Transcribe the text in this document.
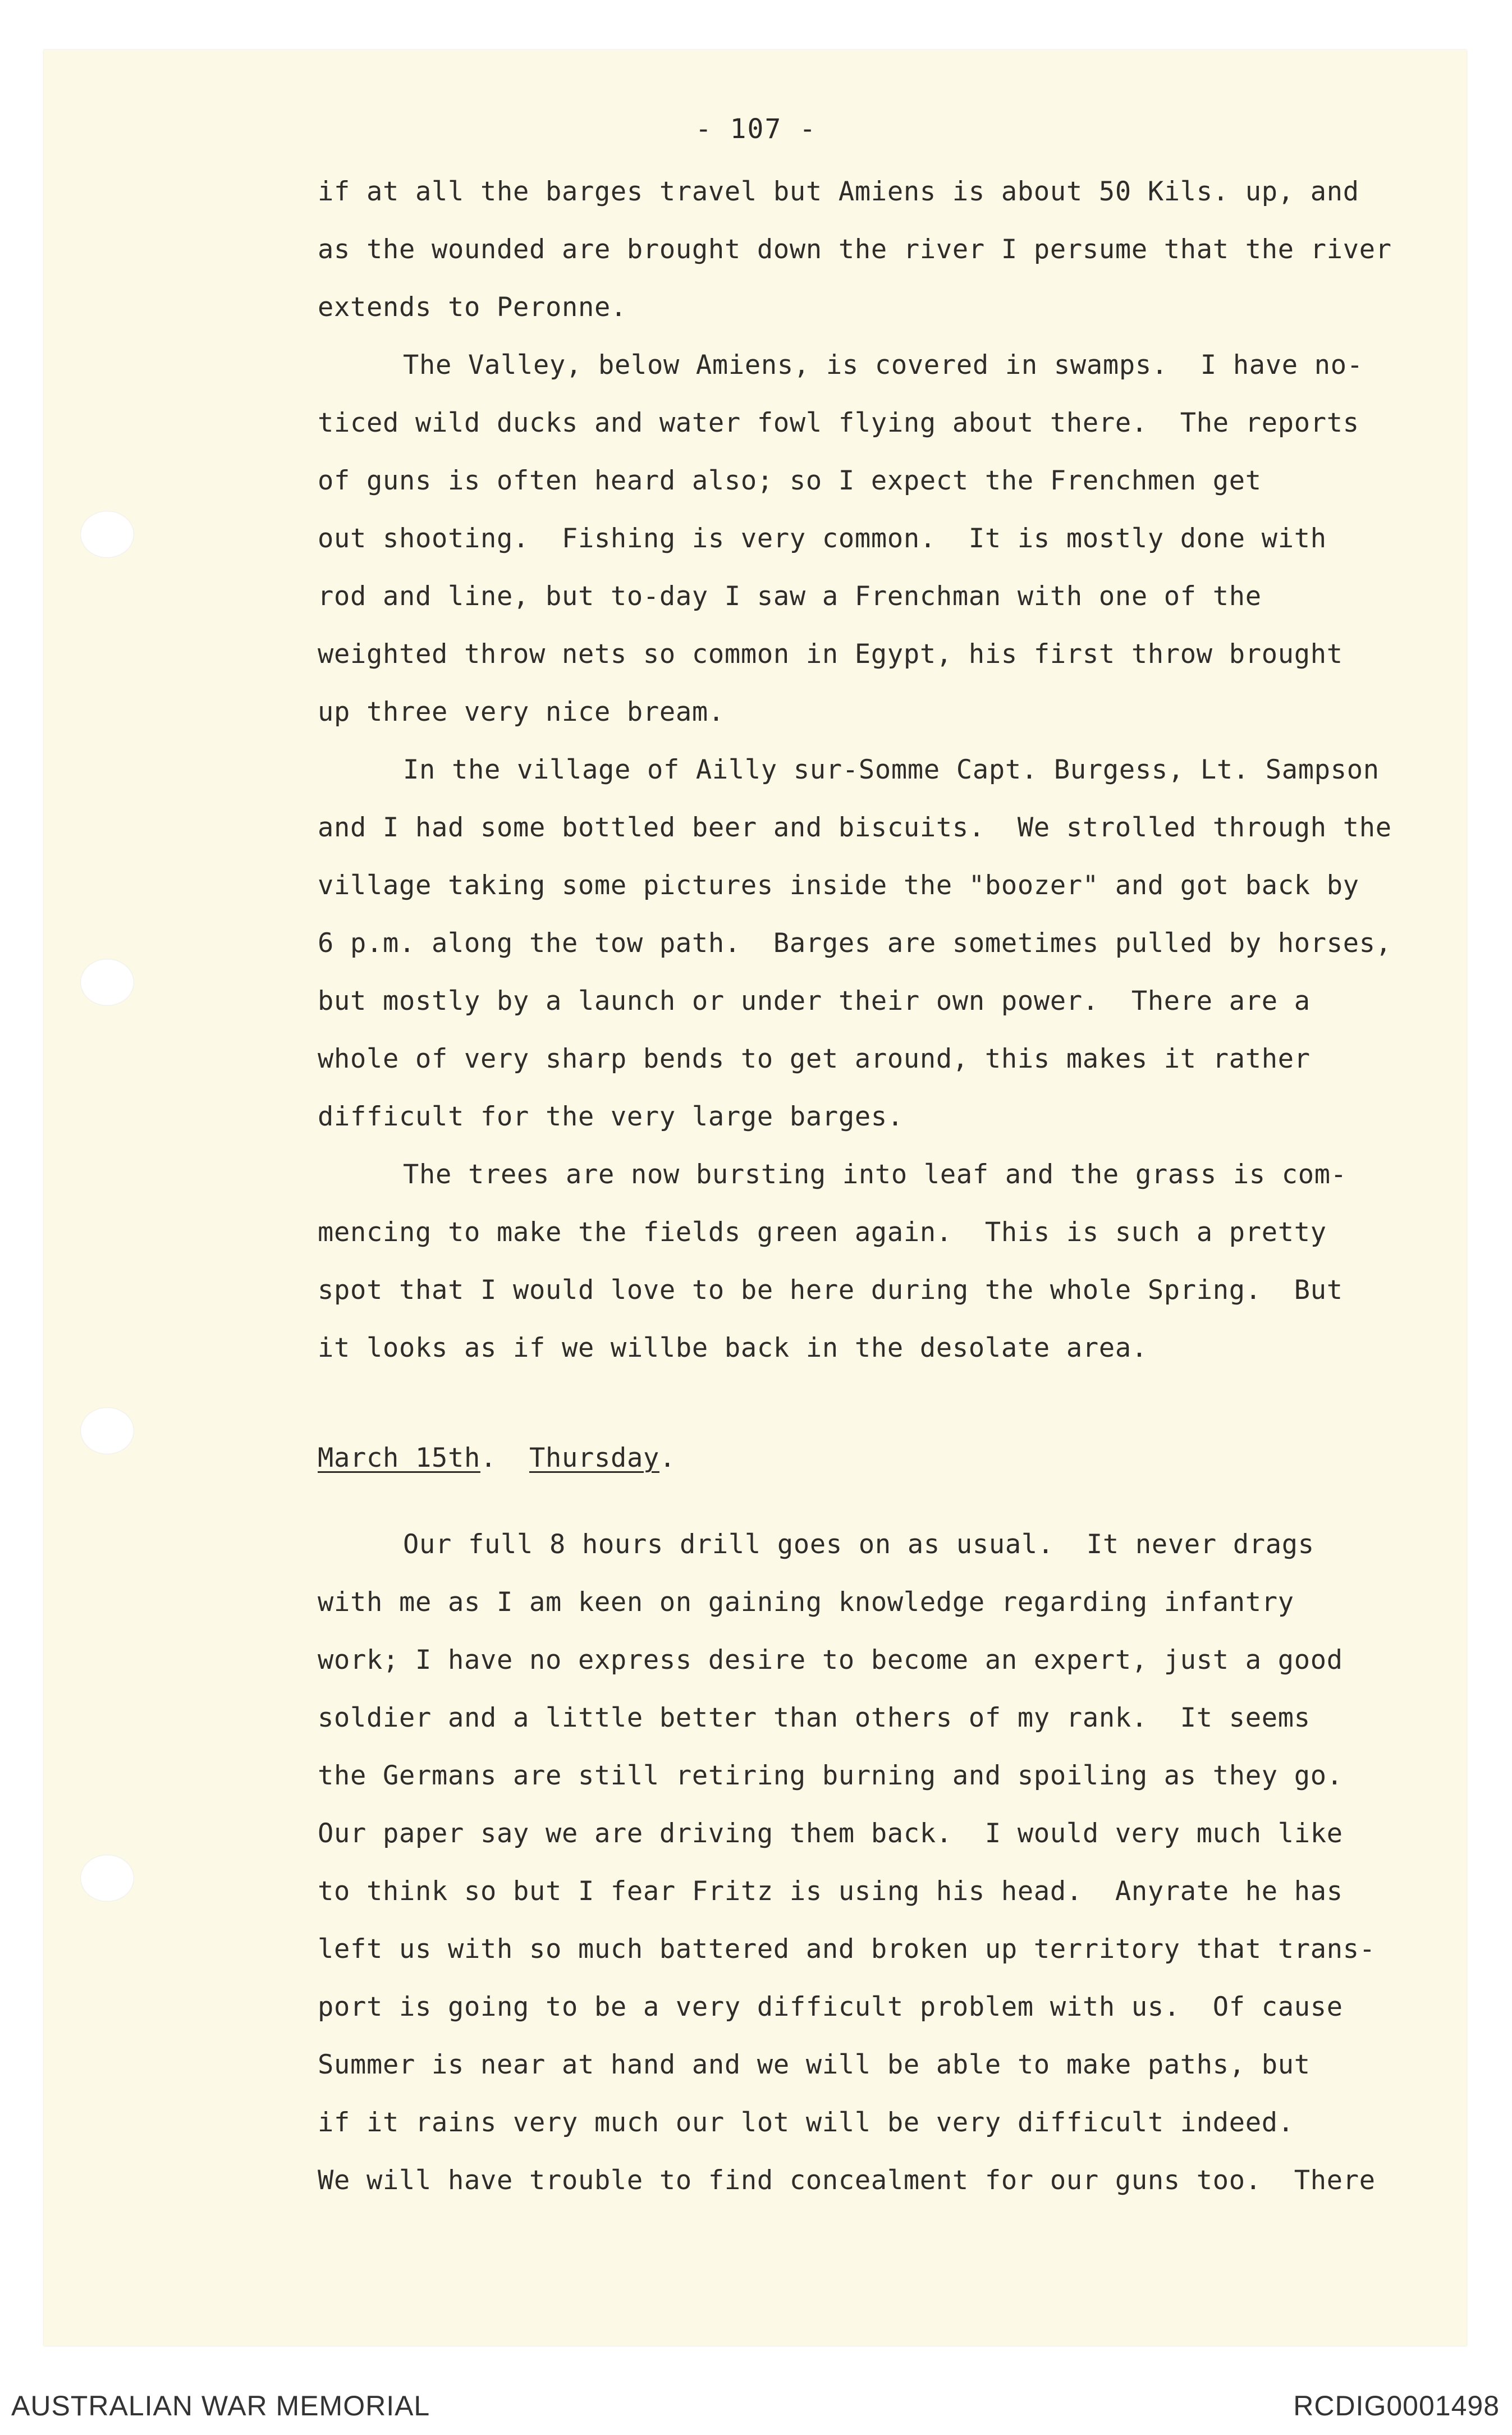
- 107 -
if at all the barges travel but Amiens is about 50 Kils. up, and
as the wounded are brought down the river I persume that the river
extends to Peronne.
The Valley, below Amiens, is covered in swamps.  I have no-
ticed wild ducks and water fowl flying about there.  The reports
of guns is often heard also; so I expect the Frenchmen get
out shooting.  Fishing is very common.  It is mostly done with
rod and line, but to-day I saw a Frenchman with one of the
weighted throw nets so common in Egypt, his first throw brought
up three very nice bream.
In the village of Ailly sur-Somme Capt. Burgess, Lt. Sampson
and I had some bottled beer and biscuits.  We strolled through the
village taking some pictures inside the "boozer" and got back by
6 p.m. along the tow path.  Barges are sometimes pulled by horses,
but mostly by a launch or under their own power.  There are a
whole of very sharp bends to get around, this makes it rather
difficult for the very large barges.
The trees are now bursting into leaf and the grass is com-
mencing to make the fields green again.  This is such a pretty
spot that I would love to be here during the whole Spring.  But
it looks as if we willbe back in the desolate area.
March 15th. Thursday.
Our full 8 hours drill goes on as usual.  It never drags
with me as I am keen on gaining knowledge regarding infantry
work; I have no express desire to become an expert, just a good
soldier and a little better than others of my rank.  It seems
the Germans are still retiring burning and spoiling as they go.
Our paper say we are driving them back.  I would very much like
to think so but I fear Fritz is using his head.  Anyrate he has
left us with so much battered and broken up territory that trans-
port is going to be a very difficult problem with us.  Of cause
Summer is near at hand and we will be able to make paths, but
if it rains very much our lot will be very difficult indeed.
We will have trouble to find concealment for our guns too.  There
AUSTRALIAN WAR MEMORIAL	RCDIG0001498
